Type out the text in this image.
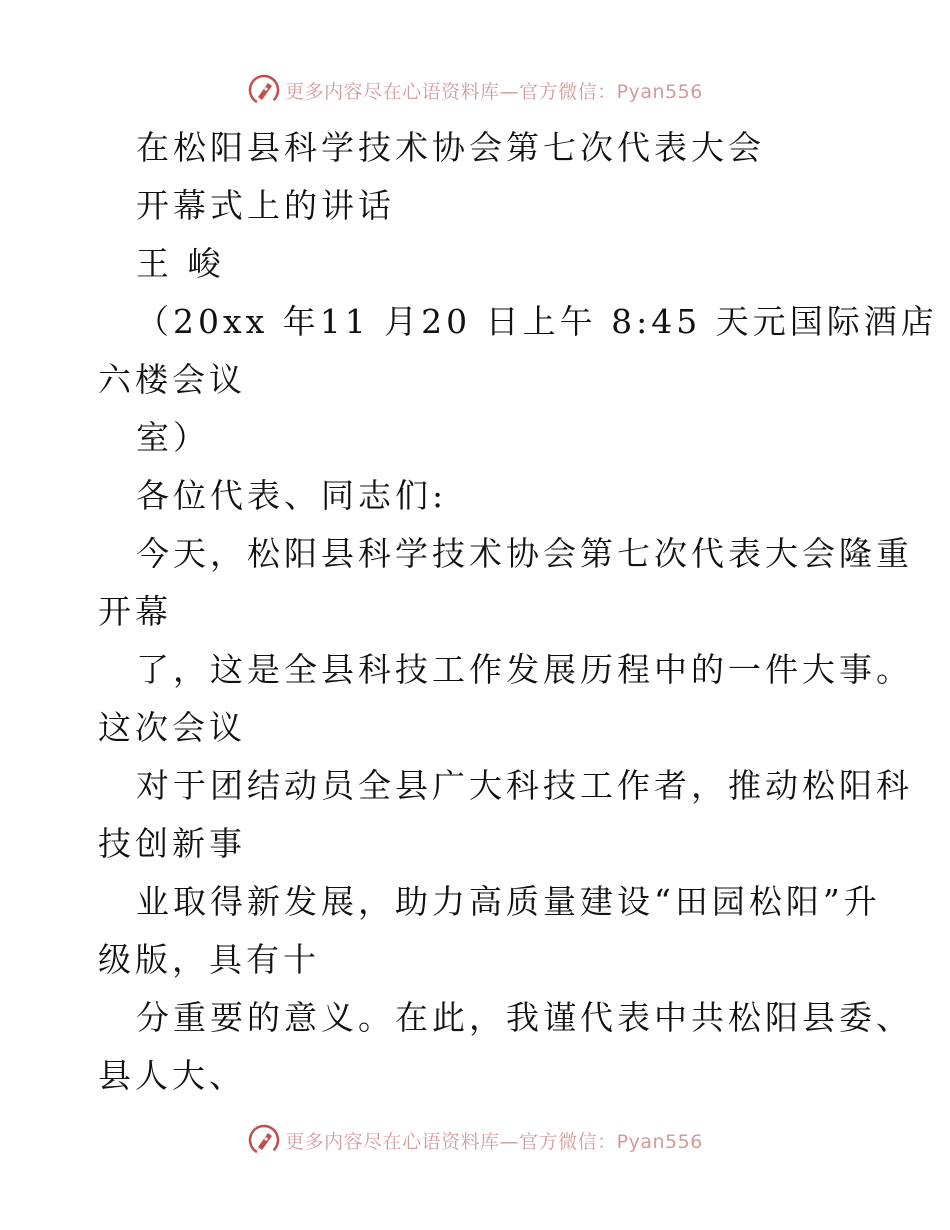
更多内容尽在心语资料库—官方微信：Pyan556
在松阳县科学技术协会第七次代表大会
开幕式上的讲话
王 峻
（20xx 年11 月20 日上午 8:45 天元国际酒店
六楼会议
室）
各位代表、同志们:
今天，松阳县科学技术协会第七次代表大会隆重
开幕
了，这是全县科技工作发展历程中的一件大事。
这次会议
对于团结动员全县广大科技工作者，推动松阳科
技创新事
业取得新发展，助力高质量建设“田园松阳”升
级版，具有十
分重要的意义。在此，我谨代表中共松阳县委、
县人大、
更多内容尽在心语资料库—官方微信：Pyan556
